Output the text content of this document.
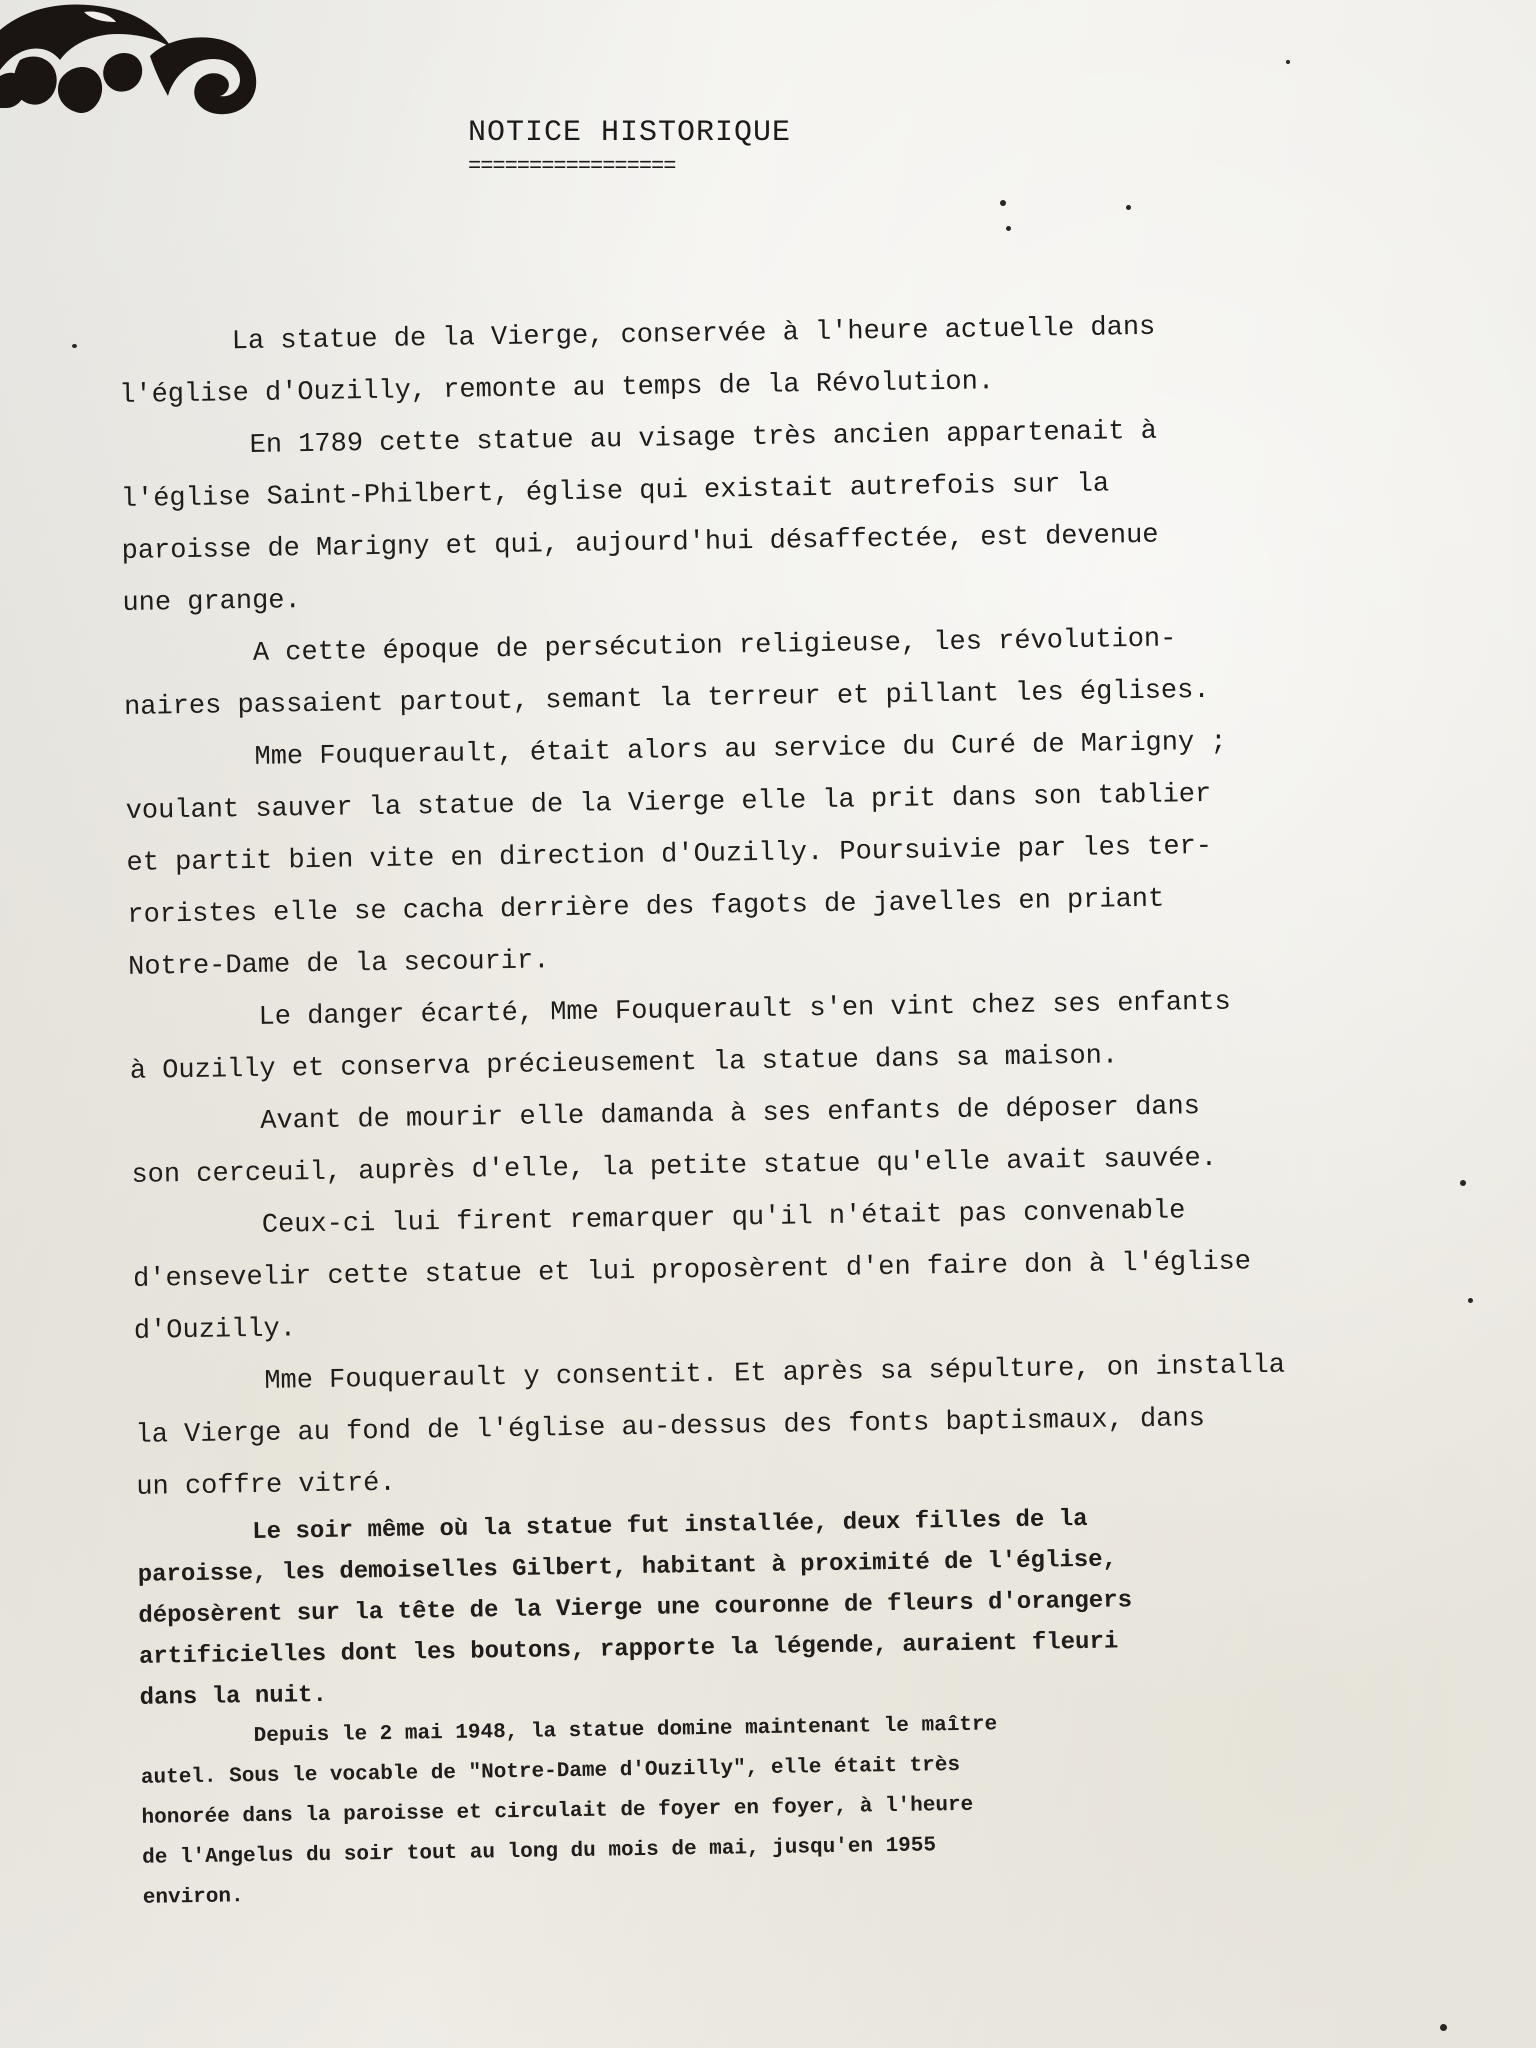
NOTICE HISTORIQUE
=================
La statue de la Vierge, conservée à l'heure actuelle dans
l'église d'Ouzilly, remonte au temps de la Révolution.
En 1789 cette statue au visage très ancien appartenait à
l'église Saint-Philbert, église qui existait autrefois sur la
paroisse de Marigny et qui, aujourd'hui désaffectée, est devenue
une grange.
A cette époque de persécution religieuse, les révolution-
naires passaient partout, semant la terreur et pillant les églises.
Mme Fouquerault, était alors au service du Curé de Marigny ;
voulant sauver la statue de la Vierge elle la prit dans son tablier
et partit bien vite en direction d'Ouzilly. Poursuivie par les ter-
roristes elle se cacha derrière des fagots de javelles en priant
Notre-Dame de la secourir.
Le danger écarté, Mme Fouquerault s'en vint chez ses enfants
à Ouzilly et conserva précieusement la statue dans sa maison.
Avant de mourir elle damanda à ses enfants de déposer dans
son cerceuil, auprès d'elle, la petite statue qu'elle avait sauvée.
Ceux-ci lui firent remarquer qu'il n'était pas convenable
d'ensevelir cette statue et lui proposèrent d'en faire don à l'église
d'Ouzilly.
Mme Fouquerault y consentit. Et après sa sépulture, on installa
la Vierge au fond de l'église au-dessus des fonts baptismaux, dans
un coffre vitré.
Le soir même où la statue fut installée, deux filles de la
paroisse, les demoiselles Gilbert, habitant à proximité de l'église,
déposèrent sur la tête de la Vierge une couronne de fleurs d'orangers
artificielles dont les boutons, rapporte la légende, auraient fleuri
dans la nuit.
Depuis le 2 mai 1948, la statue domine maintenant le maître
autel. Sous le vocable de "Notre-Dame d'Ouzilly", elle était très
honorée dans la paroisse et circulait de foyer en foyer, à l'heure
de l'Angelus du soir tout au long du mois de mai, jusqu'en 1955
environ.
